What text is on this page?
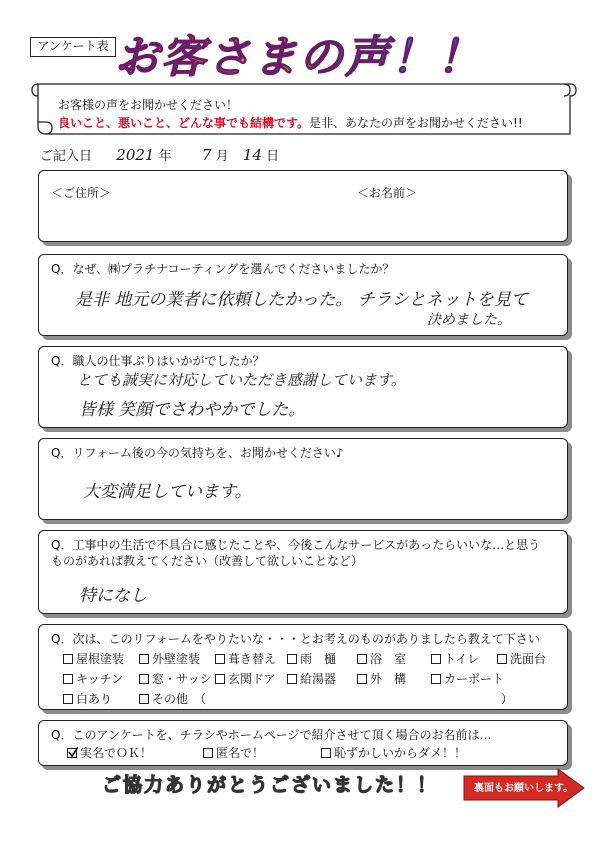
アンケート表 お客さまの声！！
お客様の声をお聞かせください！
良いこと、悪いこと、どんな事でも結構です。是非、あなたの声をお聞かせください!!
ご記入日 2021 年 7 月 14 日
＜ご住所＞	＜お名前＞
Q．なぜ、㈱プラチナコーティングを選んでくださいましたか？
是非 地元の業者に依頼したかった。 チラシとネットを見て
決めました。
Q．職人の仕事ぶりはいかがでしたか？
とても誠実に対応していただき感謝しています。
皆様 笑顔でさわやかでした。
Q．リフォーム後の今の気持ちを、お聞かせください♪
大変満足しています。
Q．工事中の生活で不具合に感じたことや、今後こんなサービスがあったらいいな…と思う
ものがあれば教えてください（改善して欲しいことなど）
特になし
Q．次は、このリフォームをやりたいな・・・とお考えのものがありましたら教えて下さい
屋根塗装	外壁塗装	葺き替え	雨　樋	浴　室	トイレ	洗面台
キッチン	窓・サッシ	玄関ドア	給湯器	外　構	カーポート
白あり	その他　（	）
Q．このアンケートを、チラシやホームページで紹介させて頂く場合のお名前は…
実名でＯＫ！	匿名で！	恥ずかしいからダメ！！
ご協力ありがとうございました！！	裏面もお願いします。
